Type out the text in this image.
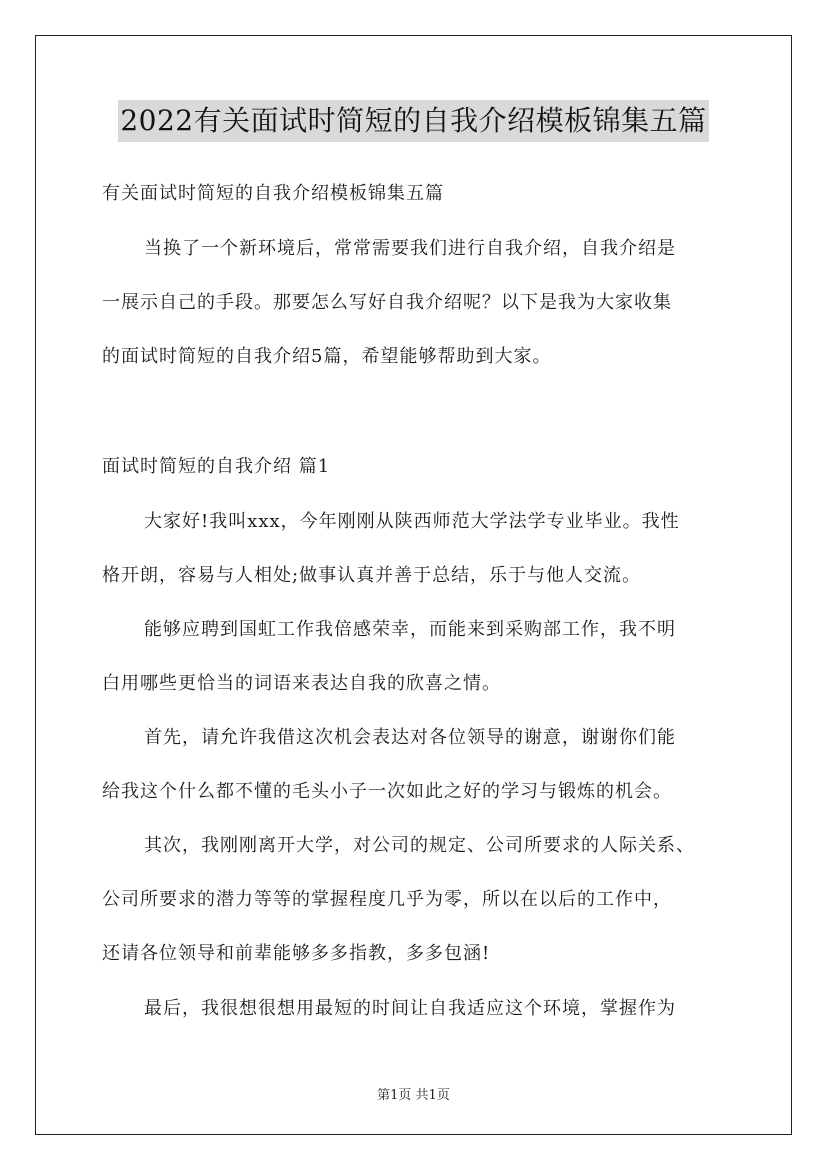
2022有关面试时简短的自我介绍模板锦集五篇
有关面试时简短的自我介绍模板锦集五篇
当换了一个新环境后，常常需要我们进行自我介绍，自我介绍是
一展示自己的手段。那要怎么写好自我介绍呢？以下是我为大家收集
的面试时简短的自我介绍5篇，希望能够帮助到大家。
面试时简短的自我介绍 篇1
大家好!我叫xxx，今年刚刚从陕西师范大学法学专业毕业。我性
格开朗，容易与人相处;做事认真并善于总结，乐于与他人交流。
能够应聘到国虹工作我倍感荣幸，而能来到采购部工作，我不明
白用哪些更恰当的词语来表达自我的欣喜之情。
首先，请允许我借这次机会表达对各位领导的谢意，谢谢你们能
给我这个什么都不懂的毛头小子一次如此之好的学习与锻炼的机会。
其次，我刚刚离开大学，对公司的规定、公司所要求的人际关系、
公司所要求的潜力等等的掌握程度几乎为零，所以在以后的工作中，
还请各位领导和前辈能够多多指教，多多包涵!
最后，我很想很想用最短的时间让自我适应这个环境，掌握作为
第1页 共1页
